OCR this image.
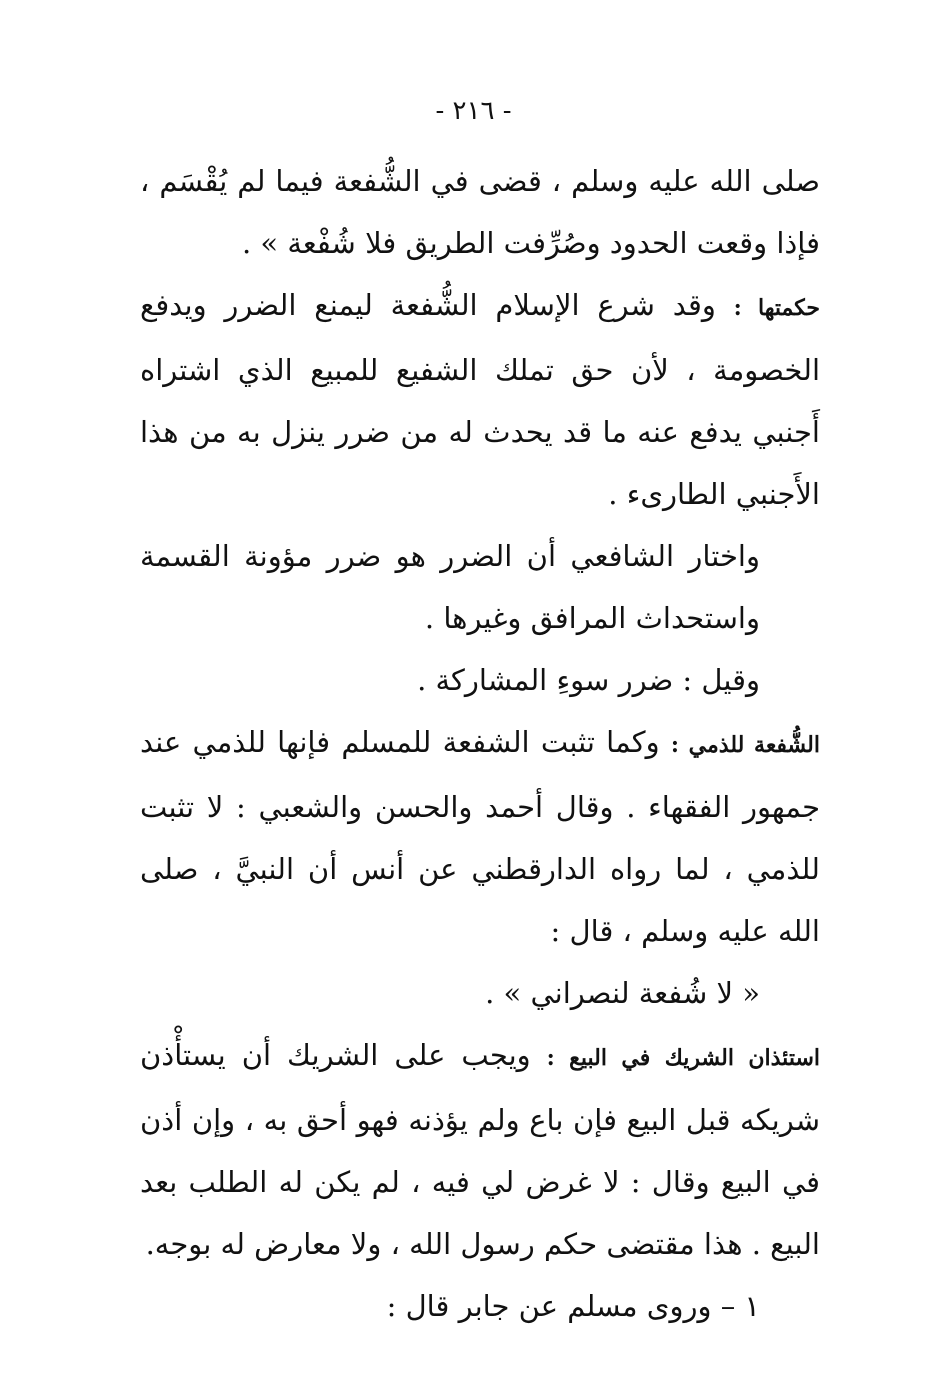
- ٢١٦ -

صلى الله عليه وسلم ، قضى في الشُّفعة فيما لم يُقْسَم ، فإذا وقعت الحدود وصُرِّفت الطريق فلا شُفْعة » .

حكمتها : وقد شرع الإسلام الشُّفعة ليمنع الضرر ويدفع الخصومة ، لأن حق تملك الشفيع للمبيع الذي اشتراه أَجنبي يدفع عنه ما قد يحدث له من ضرر ينزل به من هذا الأَجنبي الطارىء .

واختار الشافعي أن الضرر هو ضرر مؤونة القسمة واستحداث المرافق وغيرها .

وقيل : ضرر سوءِ المشاركة .

الشُّفعة للذمي : وكما تثبت الشفعة للمسلم فإنها للذمي عند جمهور الفقهاء . وقال أحمد والحسن والشعبي : لا تثبت للذمي ، لما رواه الدارقطني عن أنس أن النبيَّ ، صلى الله عليه وسلم ، قال :

« لا شُفعة لنصراني » .

استئذان الشريك في البيع : ويجب على الشريك أن يستأْذن شريكه قبل البيع فإن باع ولم يؤذنه فهو أحق به ، وإن أذن في البيع وقال : لا غرض لي فيه ، لم يكن له الطلب بعد البيع . هذا مقتضى حكم رسول الله ، ولا معارض له بوجه.

١ – وروى مسلم عن جابر قال :
